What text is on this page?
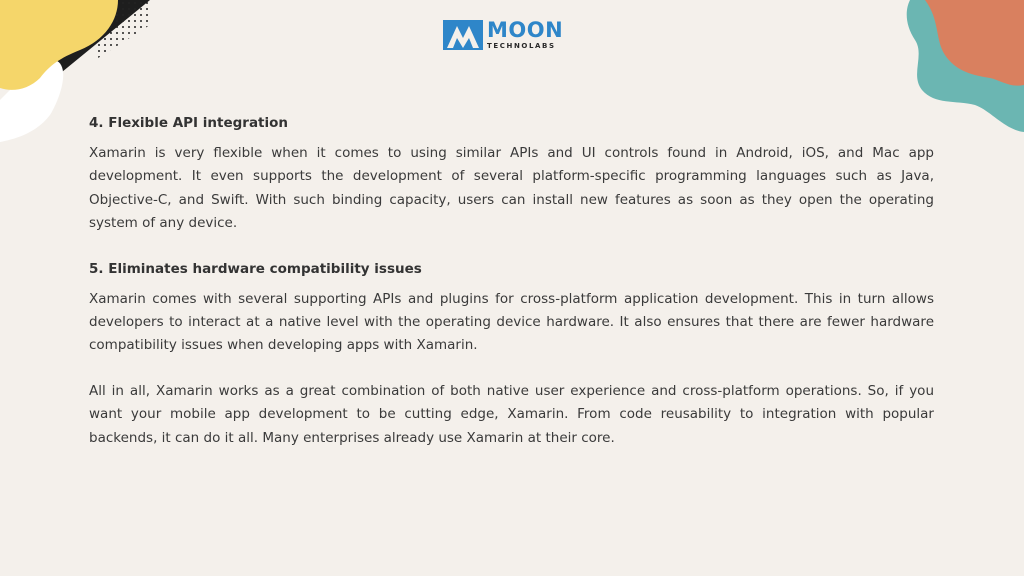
MOON
TECHNOLABS
4. Flexible API integration

Xamarin is very flexible when it comes to using similar APIs and UI controls found in Android, iOS, and Mac app development. It even supports the development of several platform-specific programming languages such as Java, Objective-C, and Swift. With such binding capacity, users can install new features as soon as they open the operating system of any device.

5. Eliminates hardware compatibility issues

Xamarin comes with several supporting APIs and plugins for cross-platform application development. This in turn allows developers to interact at a native level with the operating device hardware. It also ensures that there are fewer hardware compatibility issues when developing apps with Xamarin.

All in all, Xamarin works as a great combination of both native user experience and cross-platform operations. So, if you want your mobile app development to be cutting edge, Xamarin. From code reusability to integration with popular backends, it can do it all. Many enterprises already use Xamarin at their core.
